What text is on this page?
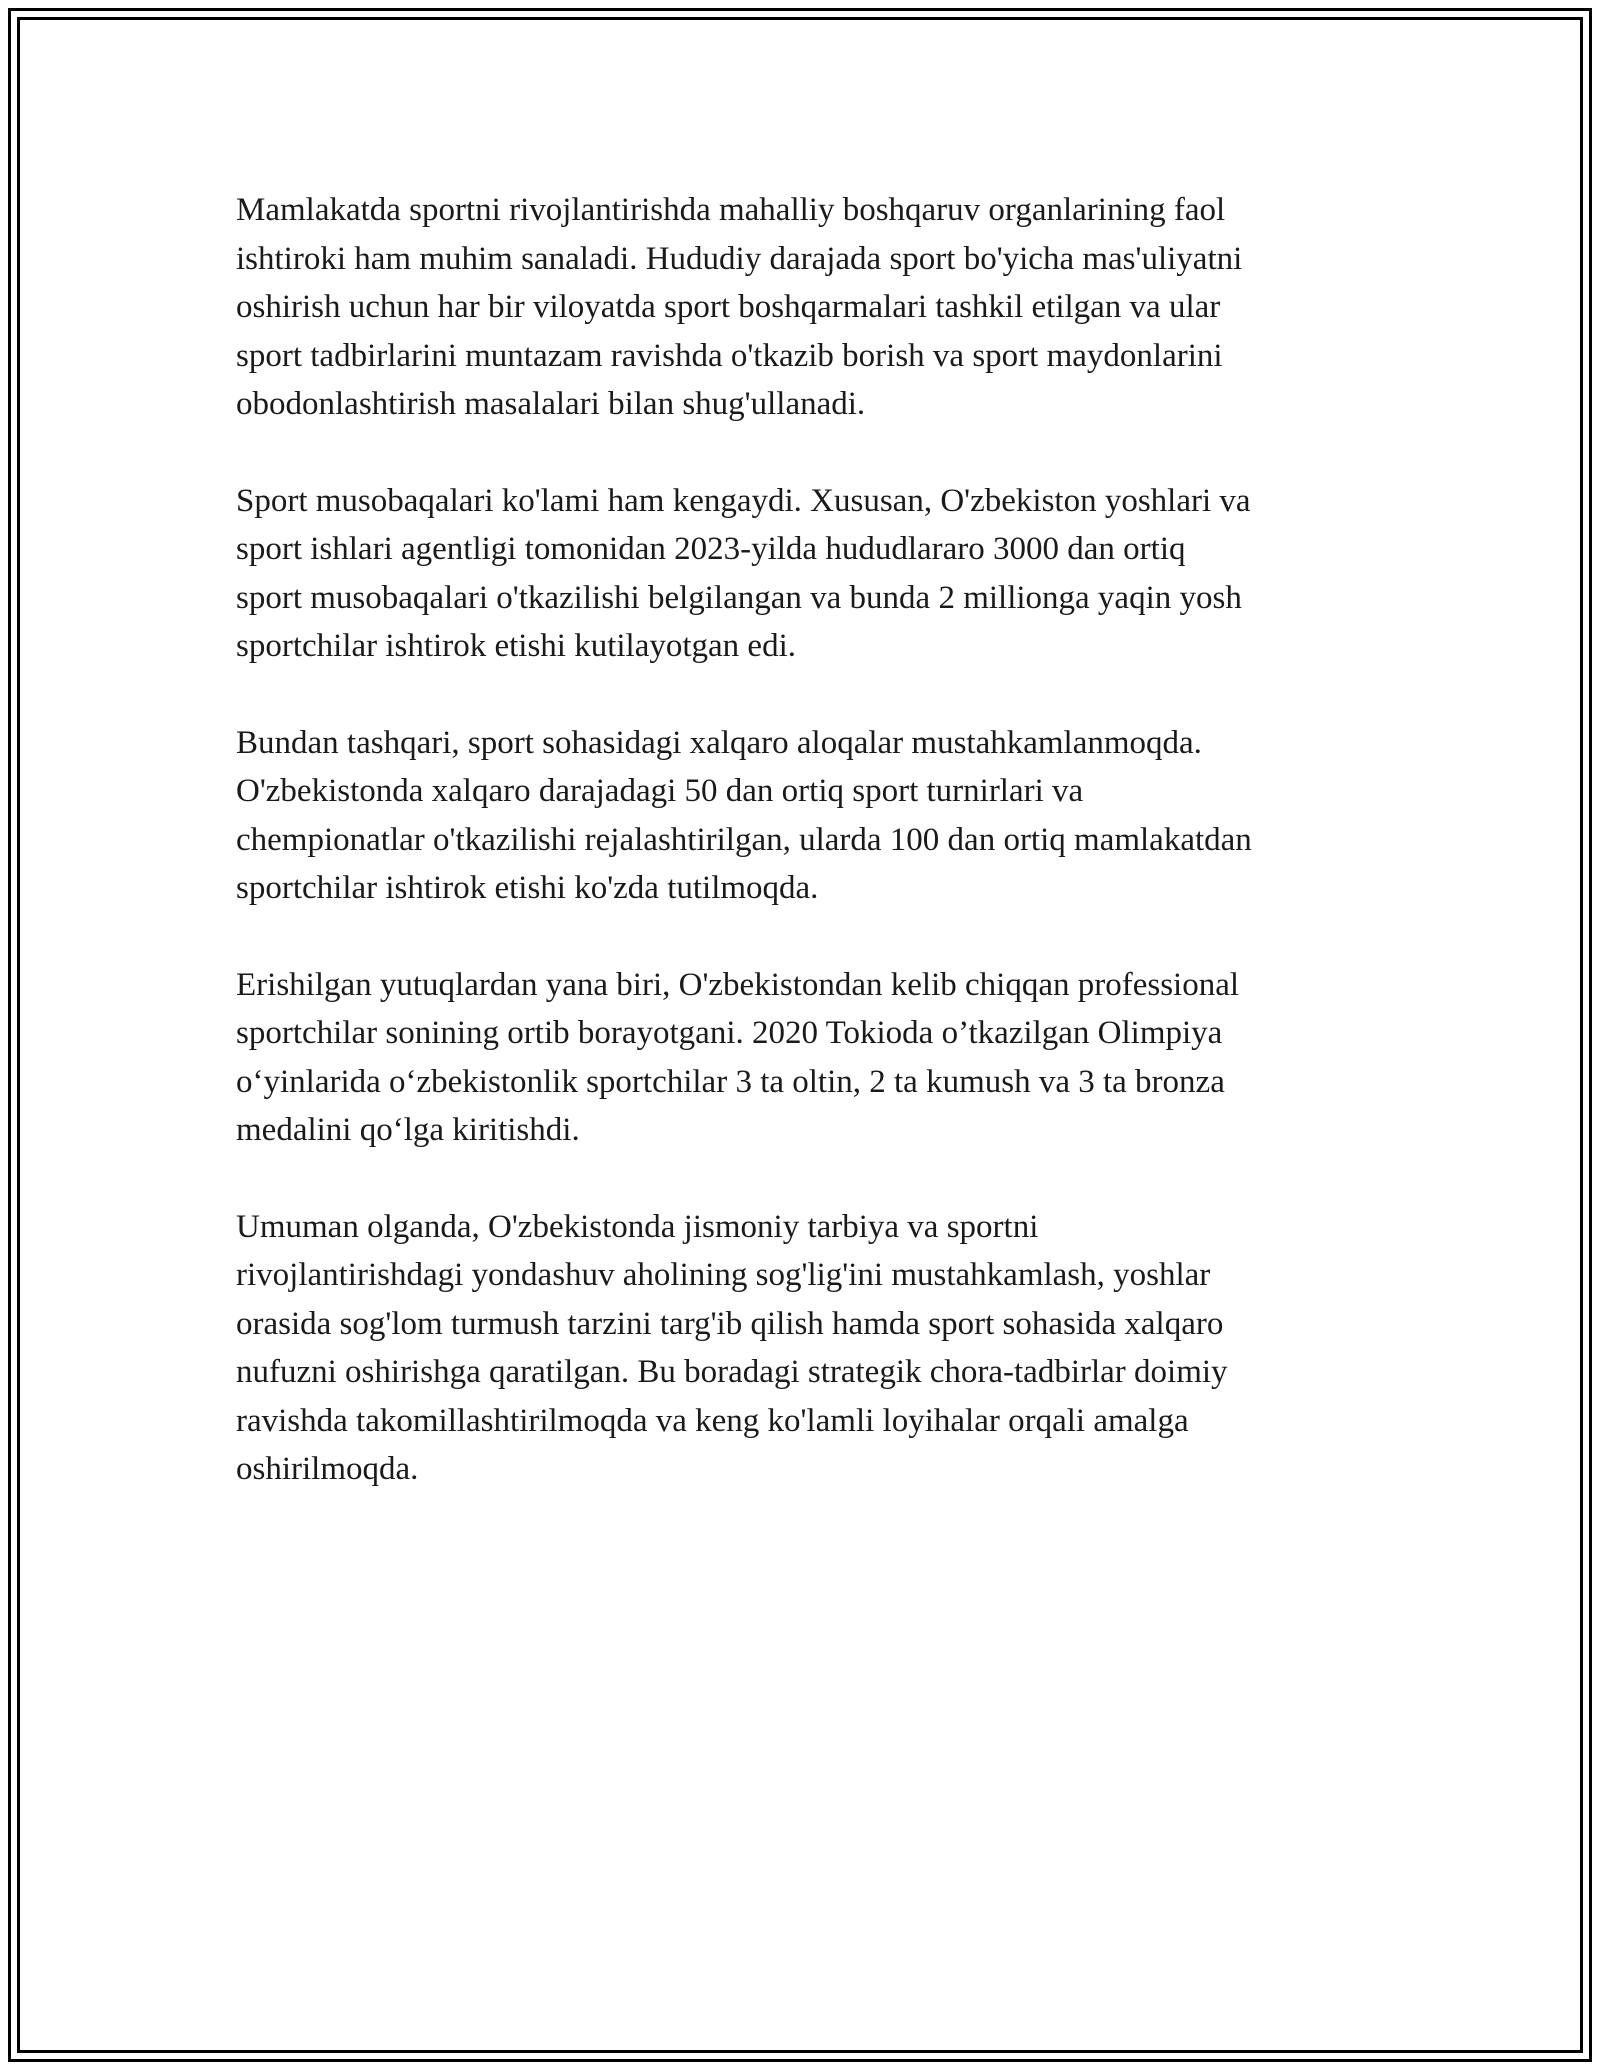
Mamlakatda sportni rivojlantirishda mahalliy boshqaruv organlarining faol
ishtiroki ham muhim sanaladi. Hududiy darajada sport bo'yicha mas'uliyatni
oshirish uchun har bir viloyatda sport boshqarmalari tashkil etilgan va ular
sport tadbirlarini muntazam ravishda o'tkazib borish va sport maydonlarini
obodonlashtirish masalalari bilan shug'ullanadi.

Sport musobaqalari ko'lami ham kengaydi. Xususan, O'zbekiston yoshlari va
sport ishlari agentligi tomonidan 2023-yilda hududlararo 3000 dan ortiq
sport musobaqalari o'tkazilishi belgilangan va bunda 2 millionga yaqin yosh
sportchilar ishtirok etishi kutilayotgan edi.

Bundan tashqari, sport sohasidagi xalqaro aloqalar mustahkamlanmoqda.
O'zbekistonda xalqaro darajadagi 50 dan ortiq sport turnirlari va
chempionatlar o'tkazilishi rejalashtirilgan, ularda 100 dan ortiq mamlakatdan
sportchilar ishtirok etishi ko'zda tutilmoqda.

Erishilgan yutuqlardan yana biri, O'zbekistondan kelib chiqqan professional
sportchilar sonining ortib borayotgani. 2020 Tokioda o’tkazilgan Olimpiya
o‘yinlarida o‘zbekistonlik sportchilar 3 ta oltin, 2 ta kumush va 3 ta bronza
medalini qo‘lga kiritishdi.

Umuman olganda, O'zbekistonda jismoniy tarbiya va sportni
rivojlantirishdagi yondashuv aholining sog'lig'ini mustahkamlash, yoshlar
orasida sog'lom turmush tarzini targ'ib qilish hamda sport sohasida xalqaro
nufuzni oshirishga qaratilgan. Bu boradagi strategik chora-tadbirlar doimiy
ravishda takomillashtirilmoqda va keng ko'lamli loyihalar orqali amalga
oshirilmoqda.
